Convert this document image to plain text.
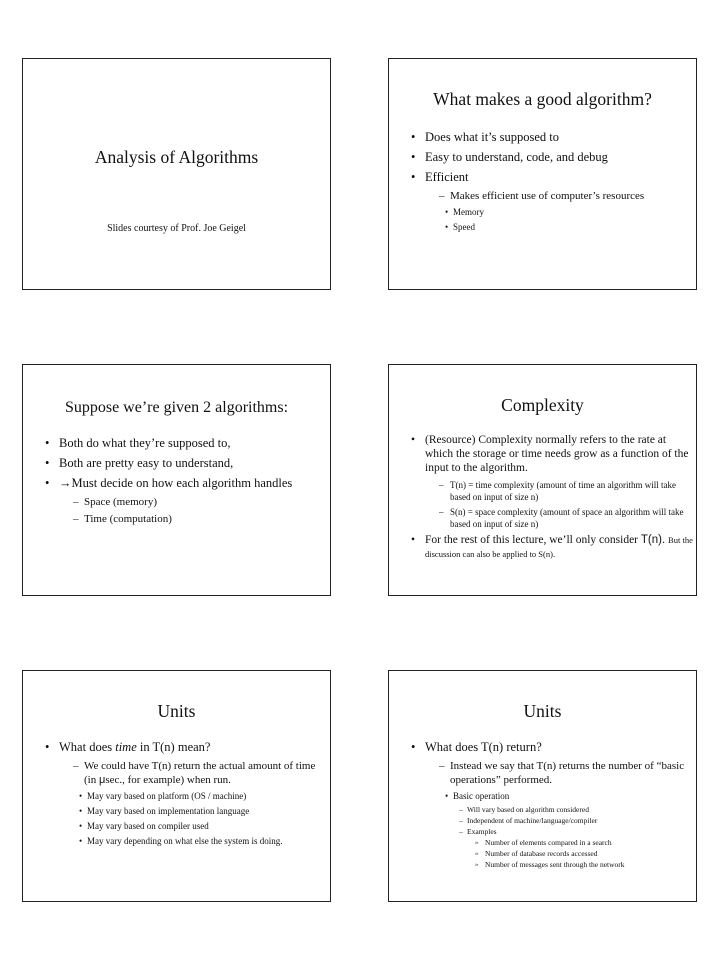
Analysis of Algorithms
Slides courtesy of Prof. Joe Geigel
What makes a good algorithm?
• Does what it’s supposed to
• Easy to understand, code, and debug
• Efficient
– Makes efficient use of computer’s resources
• Memory
• Speed
Suppose we’re given 2 algorithms:
• Both do what they’re supposed to,
• Both are pretty easy to understand,
• →Must decide on how each algorithm handles
– Space (memory)
– Time (computation)
Complexity
• (Resource) Complexity normally refers to the rate at which the storage or time needs grow as a function of the input to the algorithm.
– T(n) = time complexity (amount of time an algorithm will take based on input of size n)
– S(n) = space complexity (amount of space an algorithm will take based on input of size n)
• For the rest of this lecture, we’ll only consider T(n). But the discussion can also be applied to S(n).
Units
• What does time in T(n) mean?
– We could have T(n) return the actual amount of time (in μsec., for example) when run.
• May vary based on platform (OS / machine)
• May vary based on implementation language
• May vary based on compiler used
• May vary depending on what else the system is doing.
Units
• What does T(n) return?
– Instead we say that T(n) returns the number of “basic operations” performed.
• Basic operation
– Will vary based on algorithm considered
– Independent of machine/language/compiler
– Examples
» Number of elements compared in a search
» Number of database records accessed
» Number of messages sent through the network
